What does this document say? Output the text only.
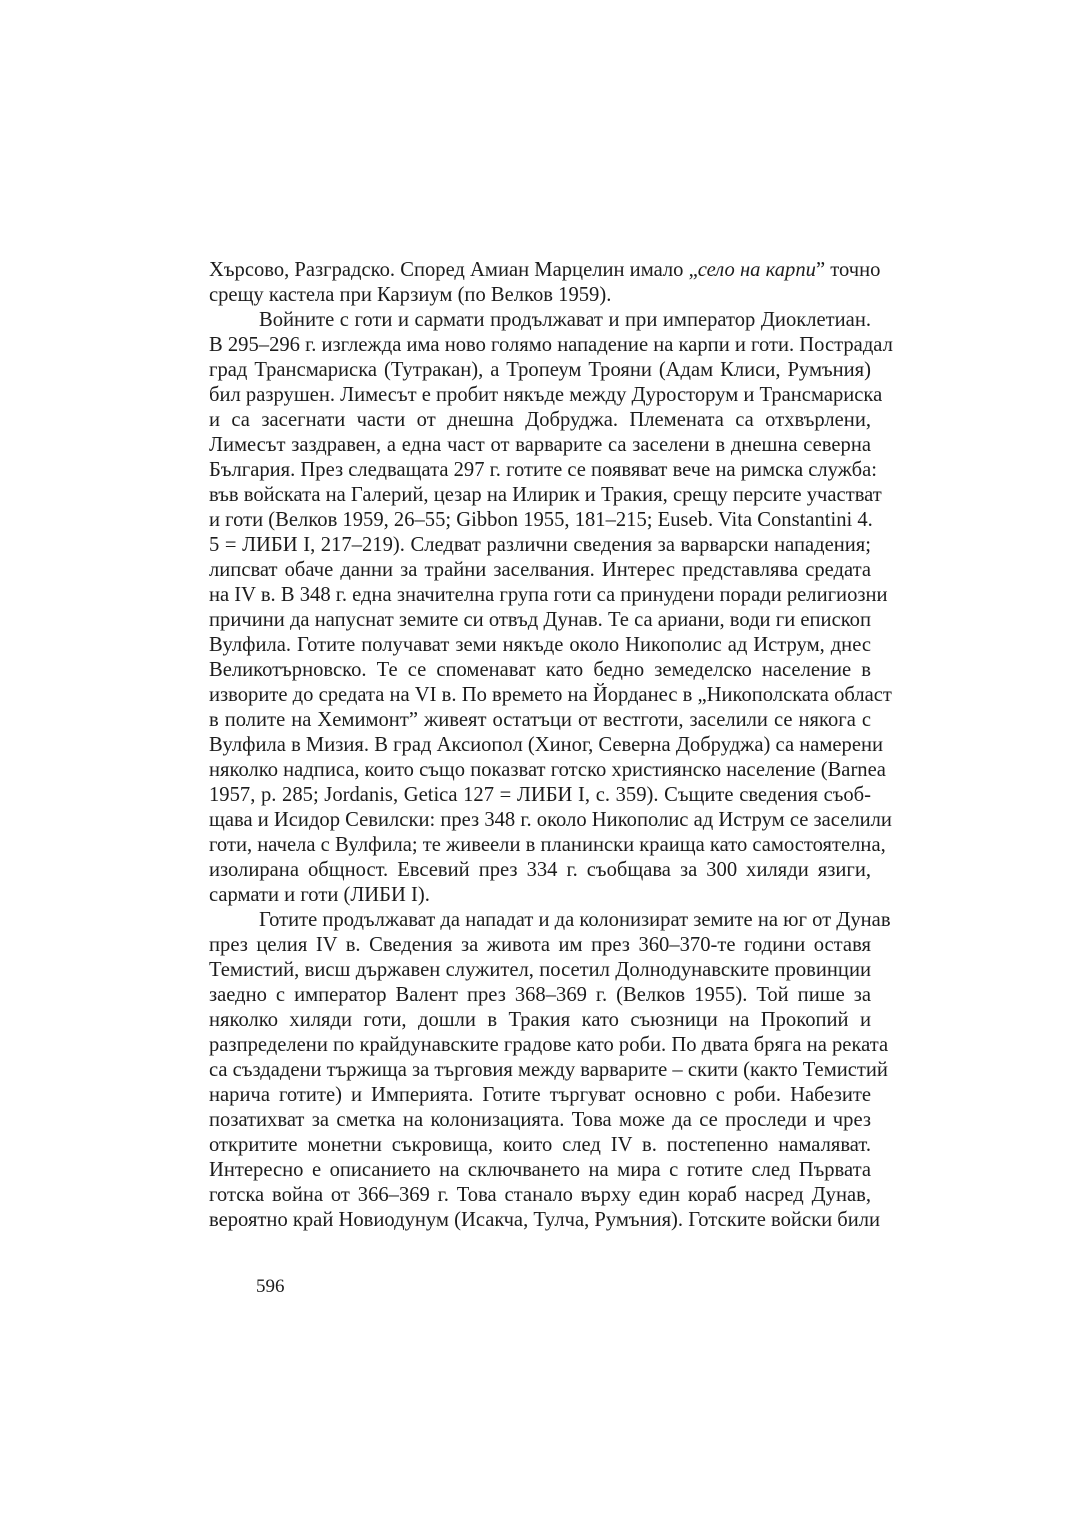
Хърсово, Разградско. Според Амиан Марцелин имало „село на карпи” точно
срещу кастела при Карзиум (по Велков 1959).
Войните с готи и сармати продължават и при император Диоклетиан.
В 295–296 г. изглежда има ново голямо нападение на карпи и готи. Пострадал
град Трансмариска (Тутракан), а Тропеум Трояни (Адам Клиси, Румъния)
бил разрушен. Лимесът е пробит някъде между Дуросторум и Трансмариска
и са засегнати части от днешна Добруджа. Племената са отхвърлени,
Лимесът заздравен, а една част от варварите са заселени в днешна северна
България. През следващата 297 г. готите се появяват вече на римска служба:
във войската на Галерий, цезар на Илирик и Тракия, срещу персите участват
и готи (Велков 1959, 26–55; Gibbon 1955, 181–215; Euseb. Vita Constantini 4.
5 = ЛИБИ I, 217–219). Следват различни сведения за варварски нападения;
липсват обаче данни за трайни заселвания. Интерес представлява средата
на IV в. В 348 г. една значителна група готи са принудени поради религиозни
причини да напуснат земите си отвъд Дунав. Те са ариани, води ги епископ
Вулфила. Готите получават земи някъде около Никополис ад Иструм, днес
Великотърновско. Те се споменават като бедно земеделско население в
изворите до средата на VI в. По времето на Йорданес в „Никополската област
в полите на Хемимонт” живеят остатъци от вестготи, заселили се някога с
Вулфила в Мизия. В град Аксиопол (Хиног, Северна Добруджа) са намерени
няколко надписа, които също показват готско християнско население (Barnea
1957, p. 285; Jordanis, Getica 127 = ЛИБИ I, с. 359). Същите сведения съоб-
щава и Исидор Севилски: през 348 г. около Никополис ад Иструм се заселили
готи, начела с Вулфила; те живеели в планински краища като самостоятелна,
изолирана общност. Евсевий през 334 г. съобщава за 300 хиляди язиги,
сармати и готи (ЛИБИ I).
Готите продължават да нападат и да колонизират земите на юг от Дунав
през целия IV в. Сведения за живота им през 360–370-те години оставя
Темистий, висш държавен служител, посетил Долнодунавските провинции
заедно с император Валент през 368–369 г. (Велков 1955). Той пише за
няколко хиляди готи, дошли в Тракия като съюзници на Прокопий и
разпределени по крайдунавските градове като роби. По двата бряга на реката
са създадени тържища за търговия между варварите – скити (както Темистий
нарича готите) и Империята. Готите търгуват основно с роби. Набезите
позатихват за сметка на колонизацията. Това може да се проследи и чрез
откритите монетни съкровища, които след IV в. постепенно намаляват.
Интересно е описанието на сключването на мира с готите след Първата
готска война от 366–369 г. Това станало върху един кораб насред Дунав,
вероятно край Новиодунум (Исакча, Тулча, Румъния). Готските войски били
596
